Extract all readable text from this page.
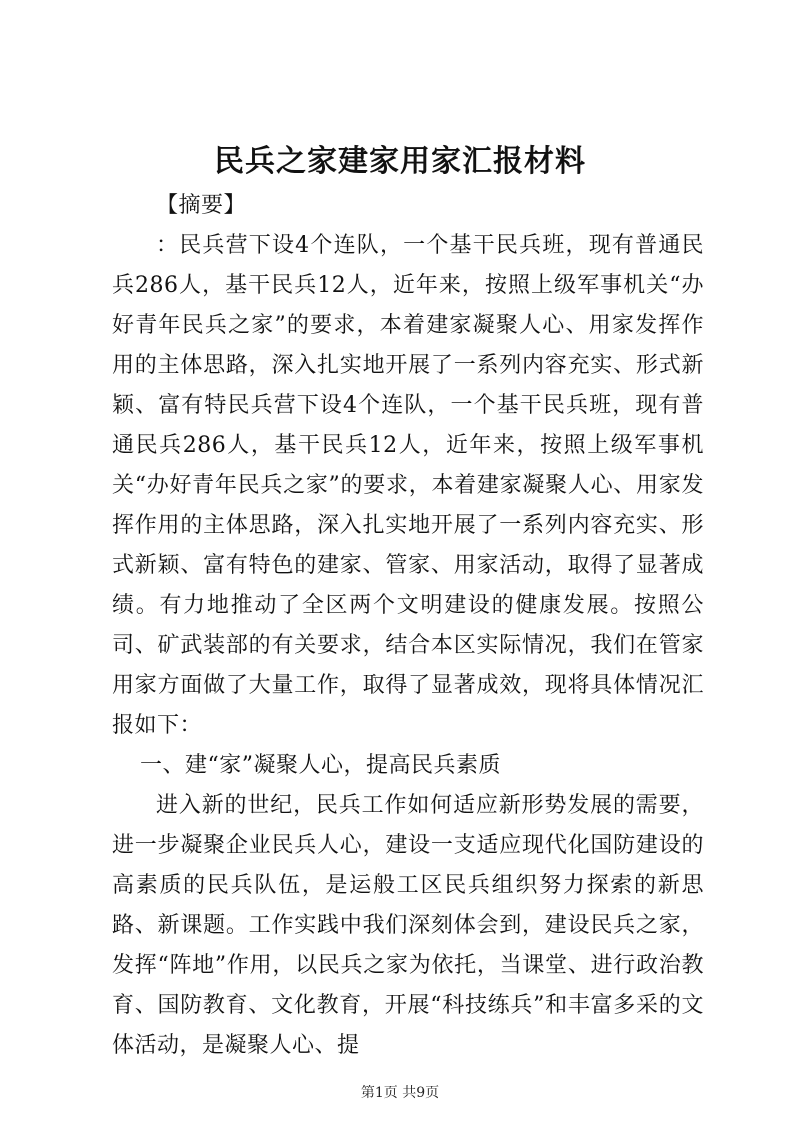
民兵之家建家用家汇报材料

【摘要】

：民兵营下设4个连队，一个基干民兵班，现有普通民兵286人，基干民兵12人，近年来，按照上级军事机关“办好青年民兵之家”的要求，本着建家凝聚人心、用家发挥作用的主体思路，深入扎实地开展了一系列内容充实、形式新颖、富有特民兵营下设4个连队，一个基干民兵班，现有普通民兵286人，基干民兵12人，近年来，按照上级军事机关“办好青年民兵之家”的要求，本着建家凝聚人心、用家发挥作用的主体思路，深入扎实地开展了一系列内容充实、形式新颖、富有特色的建家、管家、用家活动，取得了显著成绩。有力地推动了全区两个文明建设的健康发展。按照公司、矿武装部的有关要求，结合本区实际情况，我们在管家用家方面做了大量工作，取得了显著成效，现将具体情况汇报如下：

一、建“家”凝聚人心，提高民兵素质

进入新的世纪，民兵工作如何适应新形势发展的需要，进一步凝聚企业民兵人心，建设一支适应现代化国防建设的高素质的民兵队伍，是运般工区民兵组织努力探索的新思路、新课题。工作实践中我们深刻体会到，建设民兵之家，发挥“阵地”作用，以民兵之家为依托，当课堂、进行政治教育、国防教育、文化教育，开展“科技练兵”和丰富多采的文体活动，是凝聚人心、提

第1页 共9页
